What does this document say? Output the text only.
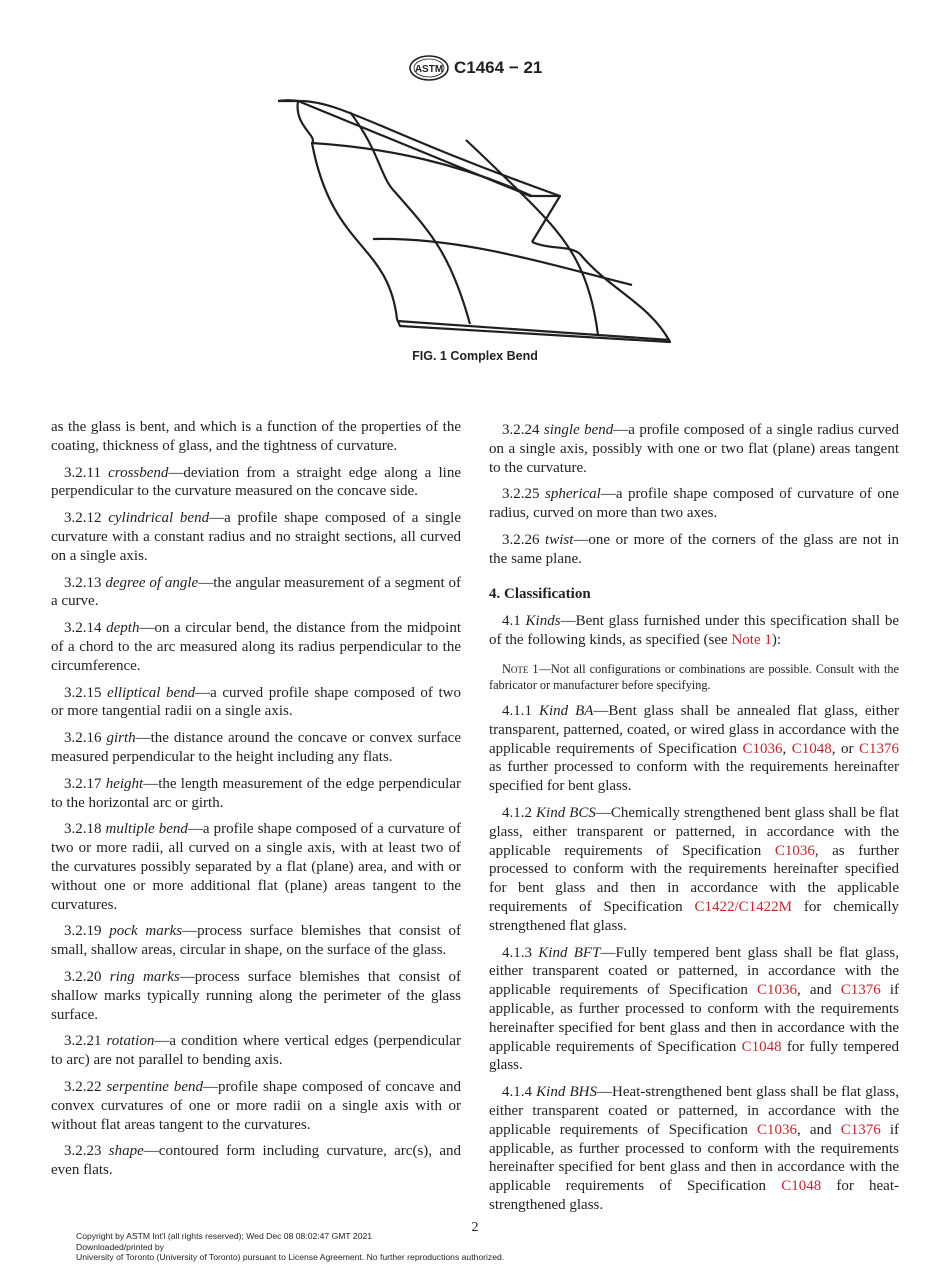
ASTM C1464 − 21
FIG. 1 Complex Bend

as the glass is bent, and which is a function of the properties of the coating, thickness of glass, and the tightness of curvature.

3.2.11 crossbend—deviation from a straight edge along a line perpendicular to the curvature measured on the concave side.

3.2.12 cylindrical bend—a profile shape composed of a single curvature with a constant radius and no straight sections, all curved on a single axis.

3.2.13 degree of angle—the angular measurement of a segment of a curve.

3.2.14 depth—on a circular bend, the distance from the midpoint of a chord to the arc measured along its radius perpendicular to the circumference.

3.2.15 elliptical bend—a curved profile shape composed of two or more tangential radii on a single axis.

3.2.16 girth—the distance around the concave or convex surface measured perpendicular to the height including any flats.

3.2.17 height—the length measurement of the edge perpendicular to the horizontal arc or girth.

3.2.18 multiple bend—a profile shape composed of a curvature of two or more radii, all curved on a single axis, with at least two of the curvatures possibly separated by a flat (plane) area, and with or without one or more additional flat (plane) areas tangent to the curvatures.

3.2.19 pock marks—process surface blemishes that consist of small, shallow areas, circular in shape, on the surface of the glass.

3.2.20 ring marks—process surface blemishes that consist of shallow marks typically running along the perimeter of the glass surface.

3.2.21 rotation—a condition where vertical edges (perpendicular to arc) are not parallel to bending axis.

3.2.22 serpentine bend—profile shape composed of concave and convex curvatures of one or more radii on a single axis with or without flat areas tangent to the curvatures.

3.2.23 shape—contoured form including curvature, arc(s), and even flats.

3.2.24 single bend—a profile composed of a single radius curved on a single axis, possibly with one or two flat (plane) areas tangent to the curvature.

3.2.25 spherical—a profile shape composed of curvature of one radius, curved on more than two axes.

3.2.26 twist—one or more of the corners of the glass are not in the same plane.

4. Classification

4.1 Kinds—Bent glass furnished under this specification shall be of the following kinds, as specified (see Note 1):

Note 1—Not all configurations or combinations are possible. Consult with the fabricator or manufacturer before specifying.

4.1.1 Kind BA—Bent glass shall be annealed flat glass, either transparent, patterned, coated, or wired glass in accordance with the applicable requirements of Specification C1036, C1048, or C1376 as further processed to conform with the requirements hereinafter specified for bent glass.

4.1.2 Kind BCS—Chemically strengthened bent glass shall be flat glass, either transparent or patterned, in accordance with the applicable requirements of Specification C1036, as further processed to conform with the requirements hereinafter specified for bent glass and then in accordance with the applicable requirements of Specification C1422/C1422M for chemically strengthened flat glass.

4.1.3 Kind BFT—Fully tempered bent glass shall be flat glass, either transparent coated or patterned, in accordance with the applicable requirements of Specification C1036, and C1376 if applicable, as further processed to conform with the requirements hereinafter specified for bent glass and then in accordance with the applicable requirements of Specification C1048 for fully tempered glass.

4.1.4 Kind BHS—Heat-strengthened bent glass shall be flat glass, either transparent coated or patterned, in accordance with the applicable requirements of Specification C1036, and C1376 if applicable, as further processed to conform with the requirements hereinafter specified for bent glass and then in accordance with the applicable requirements of Specification C1048 for heat-strengthened glass.

2
Copyright by ASTM Int'l (all rights reserved); Wed Dec 08 08:02:47 GMT 2021
Downloaded/printed by
University of Toronto (University of Toronto) pursuant to License Agreement. No further reproductions authorized.
